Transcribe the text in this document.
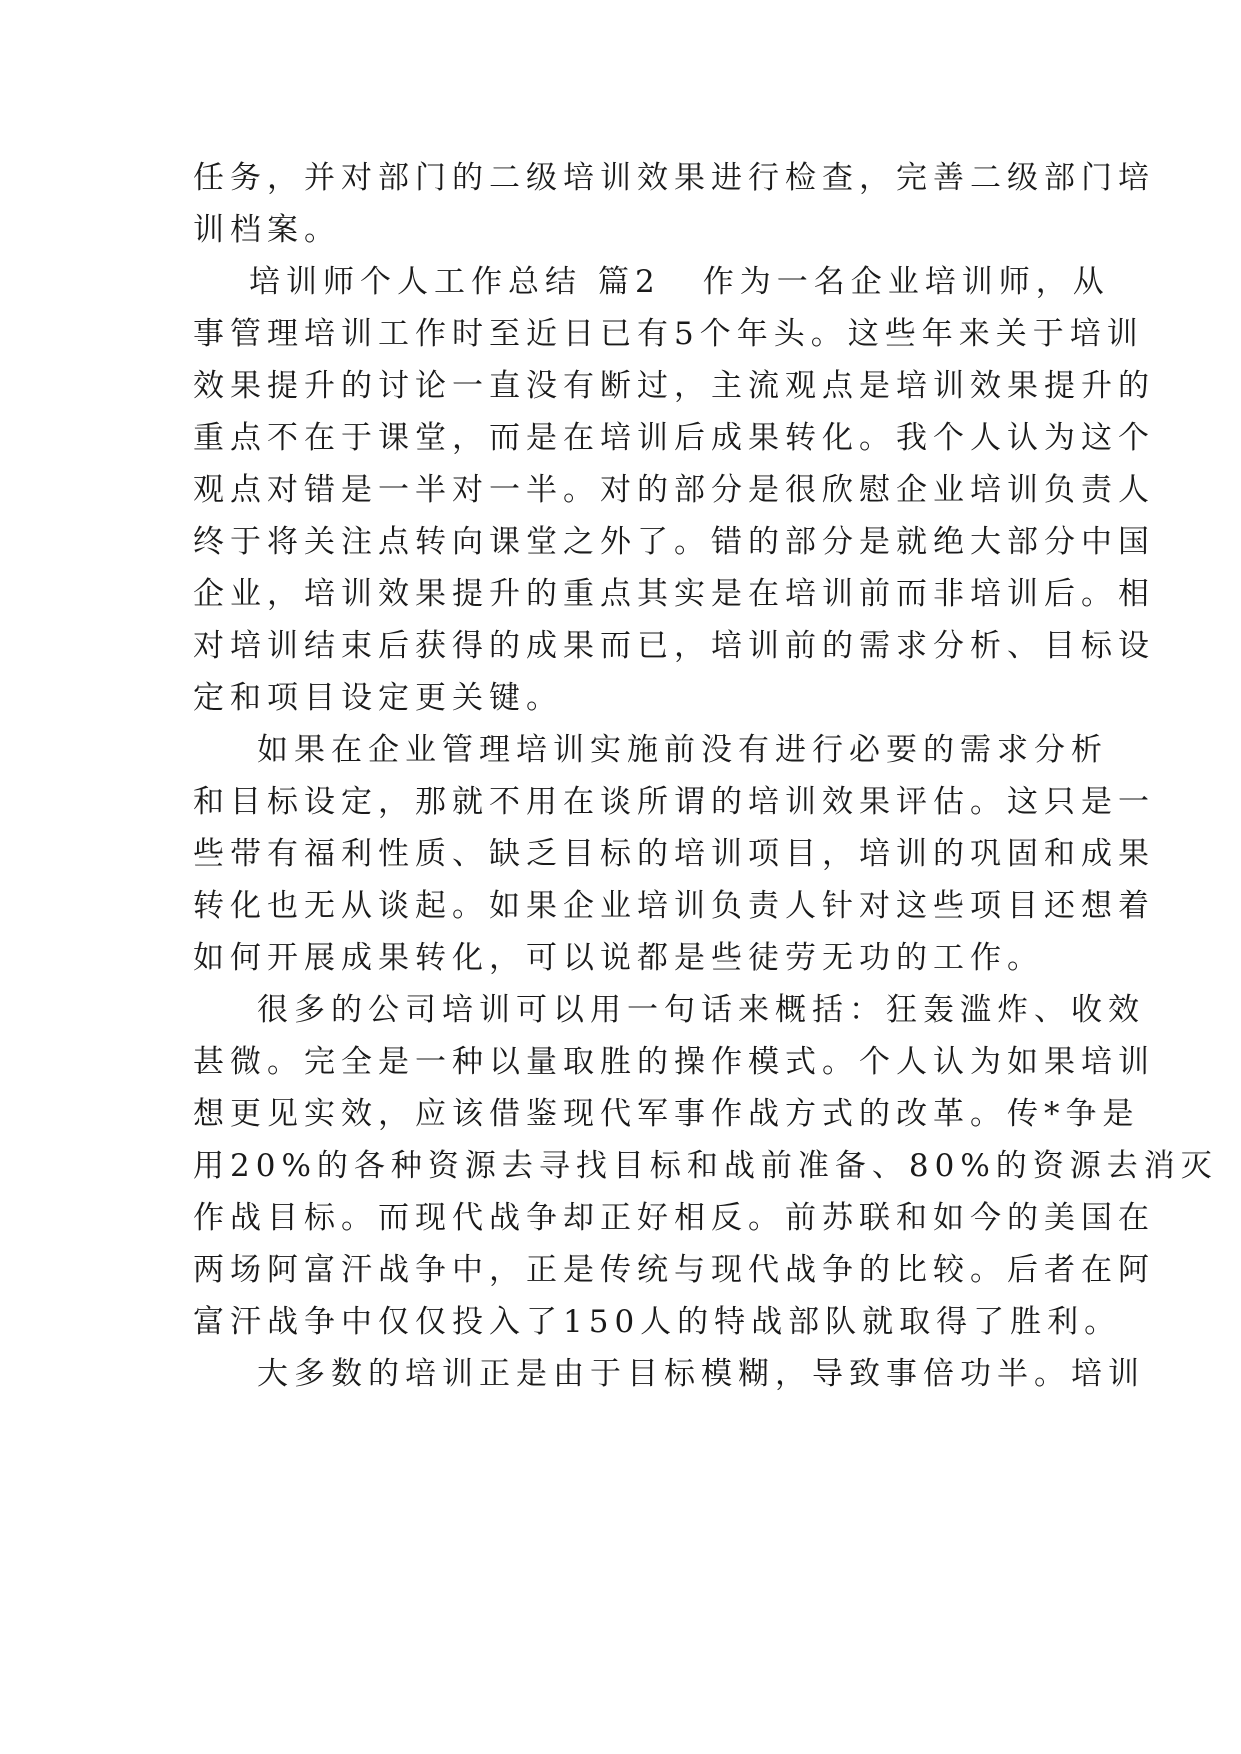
任务，并对部门的二级培训效果进行检查，完善二级部门培
训档案。
培训师个人工作总结 篇2 作为一名企业培训师，从
事管理培训工作时至近日已有5个年头。这些年来关于培训
效果提升的讨论一直没有断过，主流观点是培训效果提升的
重点不在于课堂，而是在培训后成果转化。我个人认为这个
观点对错是一半对一半。对的部分是很欣慰企业培训负责人
终于将关注点转向课堂之外了。错的部分是就绝大部分中国
企业，培训效果提升的重点其实是在培训前而非培训后。相
对培训结束后获得的成果而已，培训前的需求分析、目标设
定和项目设定更关键。
如果在企业管理培训实施前没有进行必要的需求分析
和目标设定，那就不用在谈所谓的培训效果评估。这只是一
些带有福利性质、缺乏目标的培训项目，培训的巩固和成果
转化也无从谈起。如果企业培训负责人针对这些项目还想着
如何开展成果转化，可以说都是些徒劳无功的工作。
很多的公司培训可以用一句话来概括：狂轰滥炸、收效
甚微。完全是一种以量取胜的操作模式。个人认为如果培训
想更见实效，应该借鉴现代军事作战方式的改革。传*争是
用20%的各种资源去寻找目标和战前准备、80%的资源去消灭
作战目标。而现代战争却正好相反。前苏联和如今的美国在
两场阿富汗战争中，正是传统与现代战争的比较。后者在阿
富汗战争中仅仅投入了150人的特战部队就取得了胜利。
大多数的培训正是由于目标模糊，导致事倍功半。培训
